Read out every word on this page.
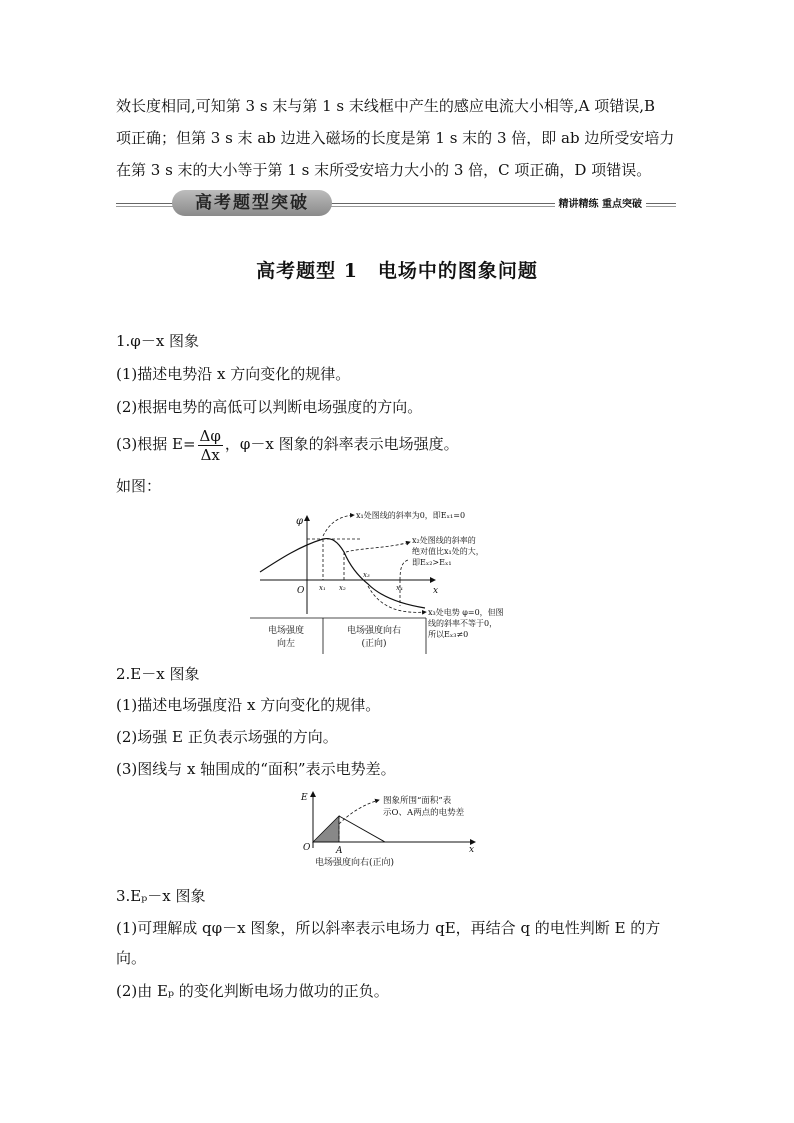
效长度相同,可知第 3 s 末与第 1 s 末线框中产生的感应电流大小相等,A 项错误,B
项正确；但第 3 s 末 ab 边进入磁场的长度是第 1 s 末的 3 倍，即 ab 边所受安培力
在第 3 s 末的大小等于第 1 s 末所受安培力大小的 3 倍，C 项正确，D 项错误。
高考题型突破	精讲精练 重点突破
高考题型 1　电场中的图象问题
1.φ－x 图象
(1)描述电势沿 x 方向变化的规律。
(2)根据电势的高低可以判断电场强度的方向。
(3)根据 $E= \frac{\Delta\varphi}{\Delta x}$ ，φ－x 图象的斜率表示电场强度。
如图：
φ
x
O x₁ x₂
x₃
x₄
x₁处图线的斜率为0，即Eₓ₁=0
x₂处图线的斜率的
绝对值比x₁处的大，
即Eₓ₂>Eₓ₁
x₃处电势 φ=0，但图
线的斜率不等于0，
所以Eₓ₃≠0
电场强度
向左
电场强度向右
(正向)
2.E－x 图象
(1)描述电场强度沿 x 方向变化的规律。
(2)场强 E 正负表示场强的方向。
(3)图线与 x 轴围成的“面积”表示电势差。
E
x
O	A
图象所围“面积”表
示O、A两点的电势差
电场强度向右(正向)
3.Eₚ－x 图象
(1)可理解成 qφ－x 图象，所以斜率表示电场力 qE，再结合 q 的电性判断 E 的方
向。
(2)由 Eₚ 的变化判断电场力做功的正负。
